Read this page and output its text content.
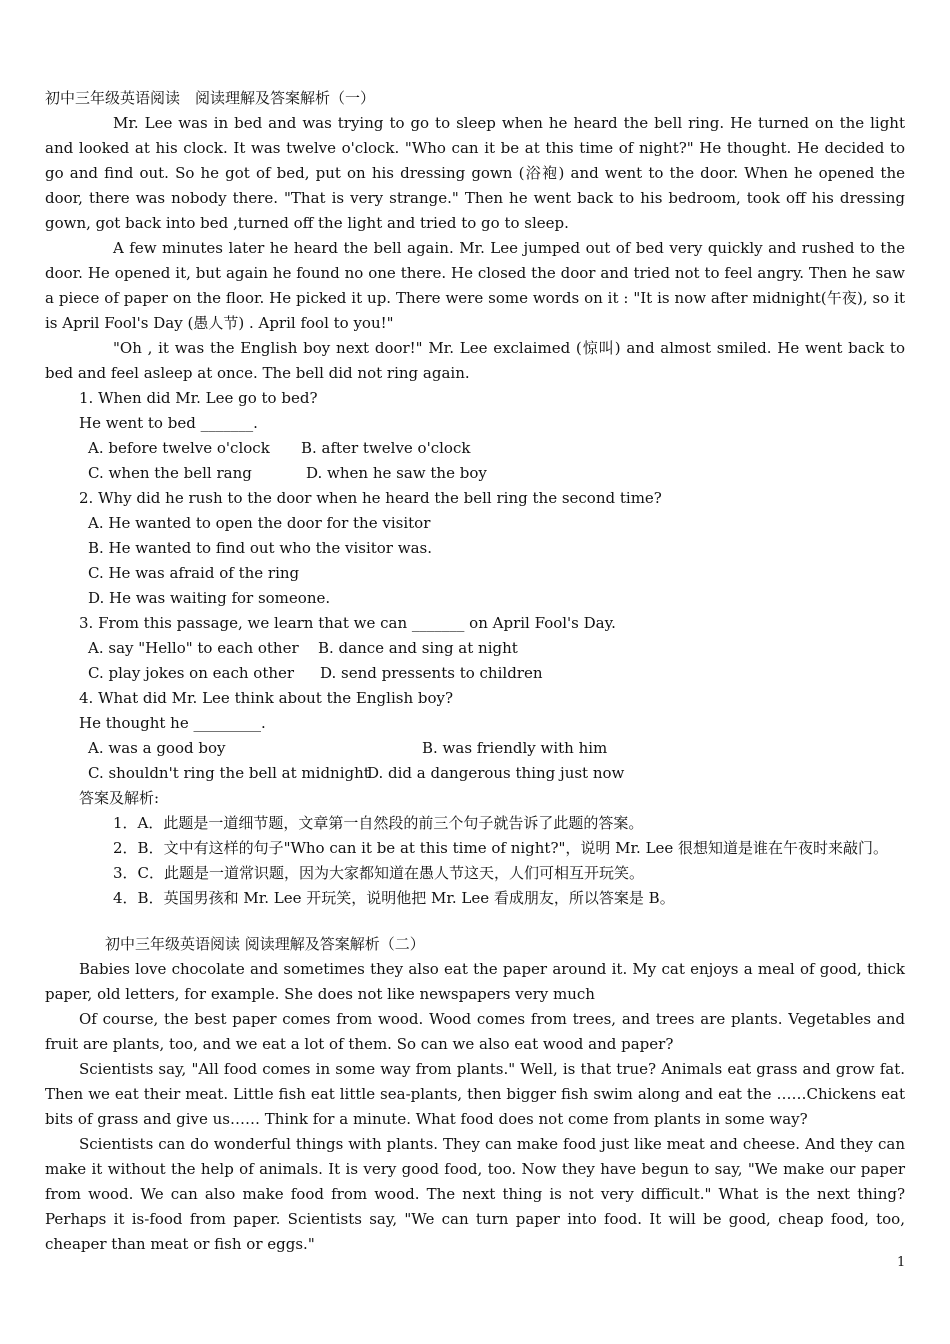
初中三年级英语阅读　阅读理解及答案解析（一）

Mr. Lee was in bed and was trying to go to sleep when he heard the bell ring. He turned on the light and looked at his clock. It was twelve o'clock. "Who can it be at this time of night?" He thought. He decided to go and find out. So he got of bed, put on his dressing gown (浴袍) and went to the door. When he opened the door, there was nobody there. "That is very strange." Then he went back to his bedroom, took off his dressing gown, got back into bed ,turned off the light and tried to go to sleep.

A few minutes later he heard the bell again. Mr. Lee jumped out of bed very quickly and rushed to the door. He opened it, but again he found no one there. He closed the door and tried not to feel angry. Then he saw a piece of paper on the floor. He picked it up. There were some words on it : "It is now after midnight(午夜), so it is April Fool's Day (愚人节) . April fool to you!"

"Oh , it was the English boy next door!" Mr. Lee exclaimed (惊叫) and almost smiled. He went back to bed and feel asleep at once. The bell did not ring again.

1. When did Mr. Lee go to bed?

He went to bed _______.

A. before twelve o'clock B. after twelve o'clock
C. when the bell rang	D. when he saw the boy

2. Why did he rush to the door when he heard the bell ring the second time?

A. He wanted to open the door for the visitor

B. He wanted to find out who the visitor was.

C. He was afraid of the ring

D. He was waiting for someone.

3. From this passage, we learn that we can _______ on April Fool's Day.

A. say "Hello" to each other B. dance and sing at night
C. play jokes on each other D. send pressents to children

4. What did Mr. Lee think about the English boy?

He thought he _________.

A. was a good boy	B. was friendly with him
C. shouldn't ring the bell at midnight
D. did a dangerous thing just now

答案及解析:

1．A．此题是一道细节题，文章第一自然段的前三个句子就告诉了此题的答案。

2．B．文中有这样的句子"Who can it be at this time of night?"，说明 Mr. Lee 很想知道是谁在午夜时来敲门。

3．C．此题是一道常识题，因为大家都知道在愚人节这天，人们可相互开玩笑。

4．B．英国男孩和 Mr. Lee 开玩笑，说明他把 Mr. Lee 看成朋友，所以答案是 B。

初中三年级英语阅读 阅读理解及答案解析（二）

Babies love chocolate and sometimes they also eat the paper around it. My cat enjoys a meal of good, thick paper, old letters, for example. She does not like newspapers very much

Of course, the best paper comes from wood. Wood comes from trees, and trees are plants. Vegetables and fruit are plants, too, and we eat a lot of them. So can we also eat wood and paper?

Scientists say, "All food comes in some way from plants." Well, is that true? Animals eat grass and grow fat. Then we eat their meat. Little fish eat little sea-plants, then bigger fish swim along and eat the ……Chickens eat bits of grass and give us…… Think for a minute. What food does not come from plants in some way?

Scientists can do wonderful things with plants. They can make food just like meat and cheese. And they can make it without the help of animals. It is very good food, too. Now they have begun to say, "We make our paper from wood. We can also make food from wood. The next thing is not very difficult." What is the next thing? Perhaps it is-food from paper. Scientists say, "We can turn paper into food. It will be good, cheap food, too, cheaper than meat or fish or eggs."

1
